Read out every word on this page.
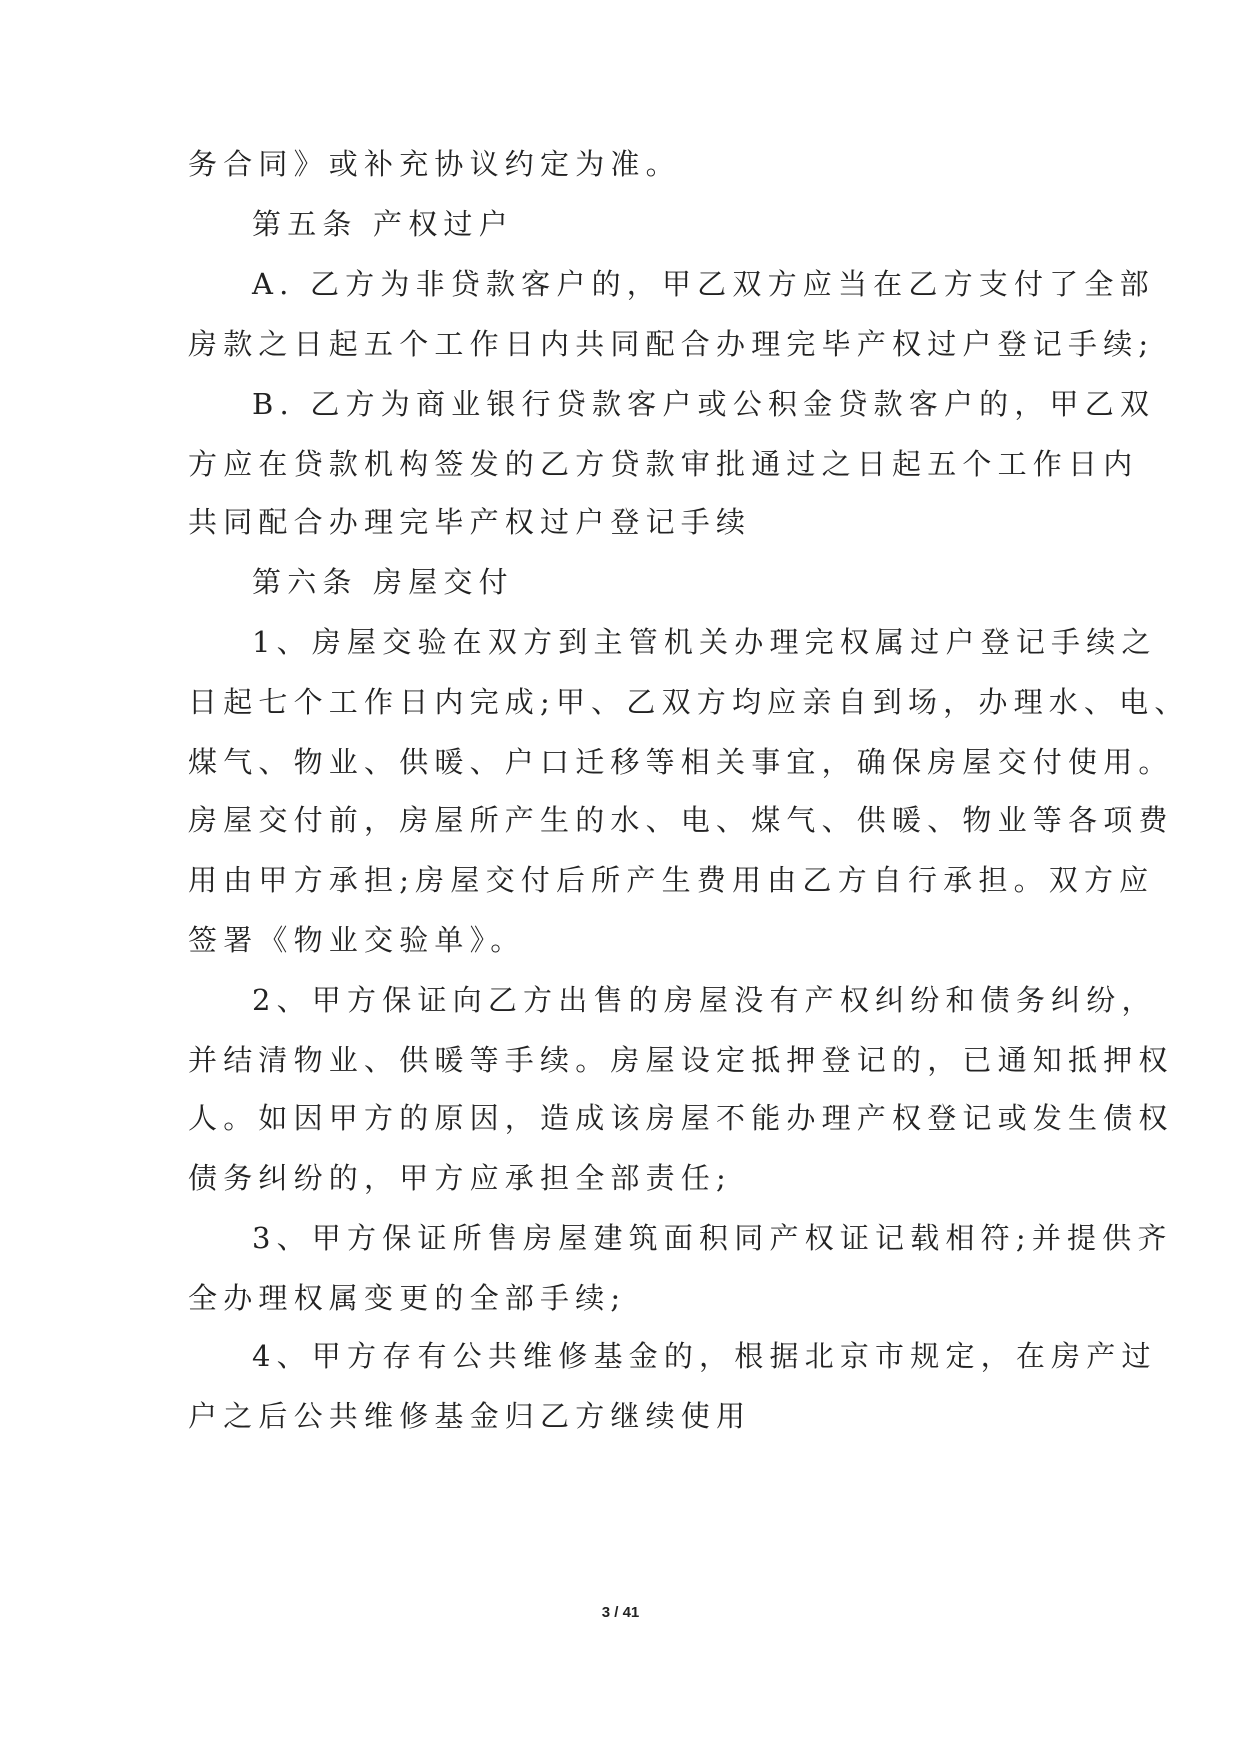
务合同》或补充协议约定为准。

第五条 产权过户

A. 乙方为非贷款客户的，甲乙双方应当在乙方支付了全部

房款之日起五个工作日内共同配合办理完毕产权过户登记手续;

B. 乙方为商业银行贷款客户或公积金贷款客户的，甲乙双

方应在贷款机构签发的乙方贷款审批通过之日起五个工作日内

共同配合办理完毕产权过户登记手续

第六条 房屋交付

1、房屋交验在双方到主管机关办理完权属过户登记手续之

日起七个工作日内完成;甲、乙双方均应亲自到场，办理水、电、

煤气、物业、供暖、户口迁移等相关事宜，确保房屋交付使用。

房屋交付前，房屋所产生的水、电、煤气、供暖、物业等各项费

用由甲方承担;房屋交付后所产生费用由乙方自行承担。双方应

签署《物业交验单》。

2、甲方保证向乙方出售的房屋没有产权纠纷和债务纠纷，

并结清物业、供暖等手续。房屋设定抵押登记的，已通知抵押权

人。如因甲方的原因，造成该房屋不能办理产权登记或发生债权

债务纠纷的，甲方应承担全部责任;

3、甲方保证所售房屋建筑面积同产权证记载相符;并提供齐

全办理权属变更的全部手续;

4、甲方存有公共维修基金的，根据北京市规定，在房产过

户之后公共维修基金归乙方继续使用

3 / 41
